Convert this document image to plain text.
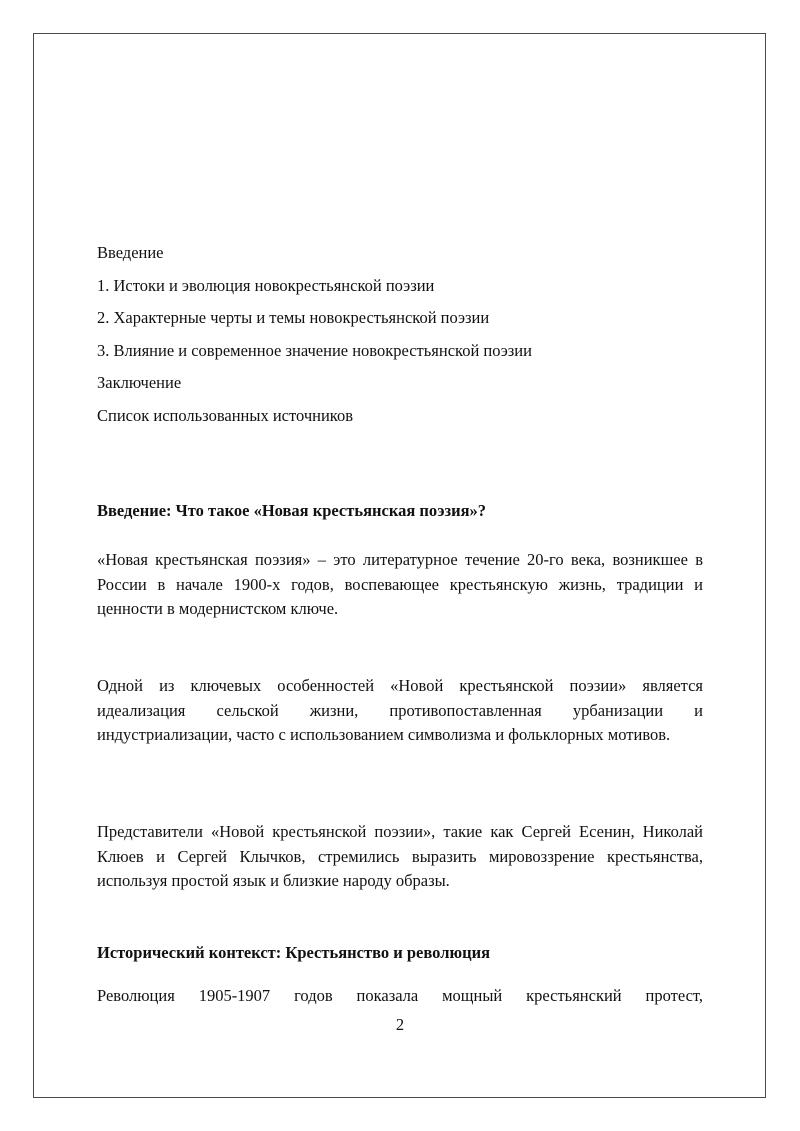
Введение
1. Истоки и эволюция новокрестьянской поэзии
2. Характерные черты и темы новокрестьянской поэзии
3. Влияние и современное значение новокрестьянской поэзии
Заключение
Список использованных источников
Введение: Что такое «Новая крестьянская поэзия»?

«Новая крестьянская поэзия» – это литературное течение 20-го века, возникшее в России в начале 1900-х годов, воспевающее крестьянскую жизнь, традиции и ценности в модернистском ключе.

Одной из ключевых особенностей «Новой крестьянской поэзии» является идеализация сельской жизни, противопоставленная урбанизации и индустриализации, часто с использованием символизма и фольклорных мотивов.

Представители «Новой крестьянской поэзии», такие как Сергей Есенин, Николай Клюев и Сергей Клычков, стремились выразить мировоззрение крестьянства, используя простой язык и близкие народу образы.

Исторический контекст: Крестьянство и революция

Революция 1905-1907 годов показала мощный крестьянский протест,

2
